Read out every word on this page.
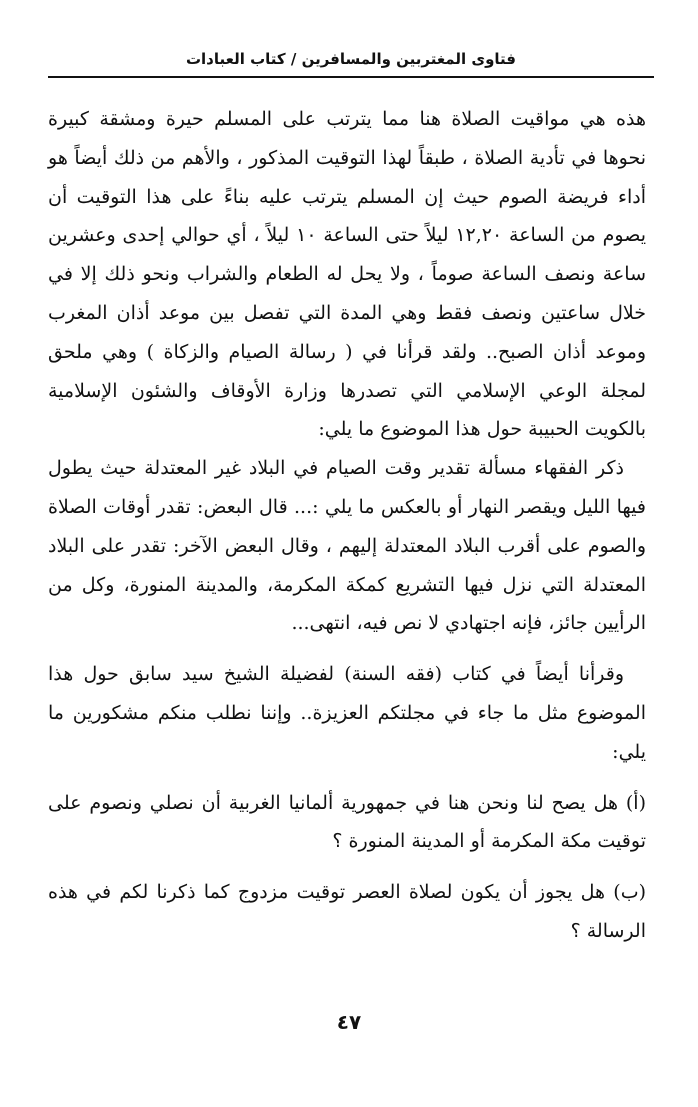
فتاوى المغتربين والمسافرين / كتاب العبادات

هذه هي مواقيت الصلاة هنا مما يترتب على المسلم حيرة ومشقة كبيرة نحوها في تأدية الصلاة ، طبقاً لهذا التوقيت المذكور ، والأهم من ذلك أيضاً هو أداء فريضة الصوم حيث إن المسلم يترتب عليه بناءً على هذا التوقيت أن يصوم من الساعة ١٢,٢٠ ليلاً حتى الساعة ١٠ ليلاً ، أي حوالي إحدى وعشرين ساعة ونصف الساعة صوماً ، ولا يحل له الطعام والشراب ونحو ذلك إلا في خلال ساعتين ونصف فقط وهي المدة التي تفصل بين موعد أذان المغرب وموعد أذان الصبح.. ولقد قرأنا في ( رسالة الصيام والزكاة ) وهي ملحق لمجلة الوعي الإسلامي التي تصدرها وزارة الأوقاف والشئون الإسلامية بالكويت الحبيبة حول هذا الموضوع ما يلي:

ذكر الفقهاء مسألة تقدير وقت الصيام في البلاد غير المعتدلة حيث يطول فيها الليل ويقصر النهار أو بالعكس ما يلي :... قال البعض: تقدر أوقات الصلاة والصوم على أقرب البلاد المعتدلة إليهم ، وقال البعض الآخر: تقدر على البلاد المعتدلة التي نزل فيها التشريع كمكة المكرمة، والمدينة المنورة، وكل من الرأيين جائز، فإنه اجتهادي لا نص فيه، انتهى...

وقرأنا أيضاً في كتاب (فقه السنة) لفضيلة الشيخ سيد سابق حول هذا الموضوع مثل ما جاء في مجلتكم العزيزة.. وإننا نطلب منكم مشكورين ما يلي:

(أ) هل يصح لنا ونحن هنا في جمهورية ألمانيا الغربية أن نصلي ونصوم على توقيت مكة المكرمة أو المدينة المنورة ؟

(ب) هل يجوز أن يكون لصلاة العصر توقيت مزدوج كما ذكرنا لكم في هذه الرسالة ؟

٤٧
